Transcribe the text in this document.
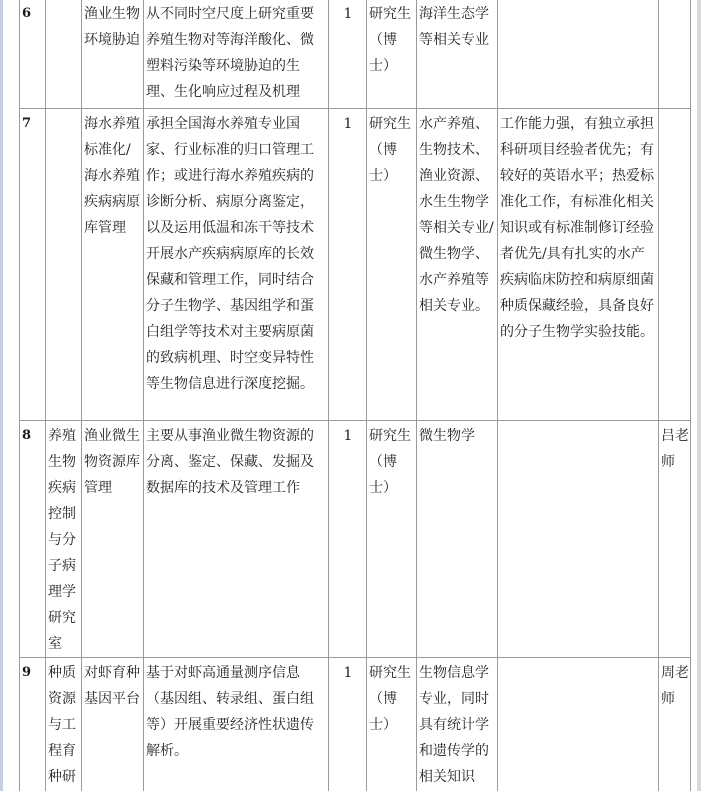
6		渔业生物环境胁迫	从不同时空尺度上研究重要养殖生物对等海洋酸化、微塑料污染等环境胁迫的生理、生化响应过程及机理	1	研究生（博士）	海洋生态学等相关专业		
7		海水养殖标准化/海水养殖疾病病原库管理	承担全国海水养殖专业国家、行业标准的归口管理工作；或进行海水养殖疾病的诊断分析、病原分离鉴定，以及运用低温和冻干等技术开展水产疾病病原库的长效保藏和管理工作，同时结合分子生物学、基因组学和蛋白组学等技术对主要病原菌的致病机理、时空变异特性等生物信息进行深度挖掘。	1	研究生（博士）	水产养殖、生物技术、渔业资源、水生生物学等相关专业/微生物学、水产养殖等相关专业。	工作能力强，有独立承担科研项目经验者优先；有较好的英语水平；热爱标准化工作，有标准化相关知识或有标准制修订经验者优先/具有扎实的水产疾病临床防控和病原细菌种质保藏经验，具备良好的分子生物学实验技能。	
8	养殖生物疾病控制与分子病理学研究室	渔业微生物资源库管理	主要从事渔业微生物资源的分离、鉴定、保藏、发掘及数据库的技术及管理工作	1	研究生（博士）	微生物学		吕老师
9	种质资源与工程育种研	对虾育种基因平台	基于对虾高通量测序信息（基因组、转录组、蛋白组等）开展重要经济性状遗传解析。	1	研究生（博士）	生物信息学专业，同时具有统计学和遗传学的相关知识		周老师
